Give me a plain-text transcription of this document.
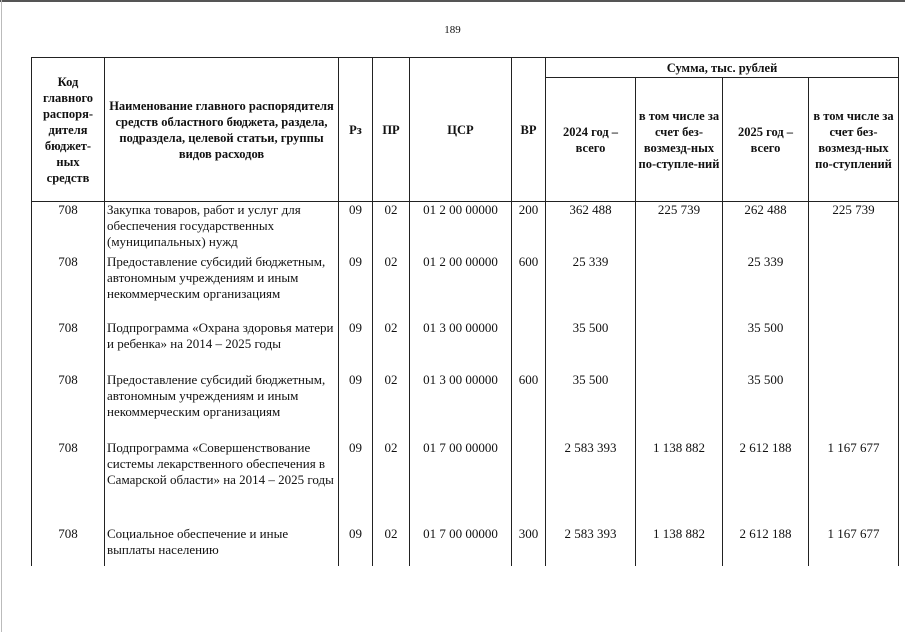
189
Код главного распоря-дителя бюджет-ных средств	Наименование главного распорядителя средств областного бюджета, раздела, подраздела, целевой статьи, группы видов расходов	Рз	ПР	ЦСР	ВР	Сумма, тыс. рублей			
						2024 год – всего	в том числе за счет без-возмезд-ных по-ступле-ний	2025 год – всего	в том числе за счет без-возмезд-ных по-ступлений
708	Закупка товаров, работ и услуг для обеспечения государственных (муниципальных) нужд	09	02	01 2 00 00000	200	362 488	225 739	262 488	225 739
708	Предоставление субсидий бюджетным, автономным учреждениям и иным некоммерческим организациям	09	02	01 2 00 00000	600	25 339		25 339	
708	Подпрограмма «Охрана здоровья матери и ребенка» на 2014 – 2025 годы	09	02	01 3 00 00000		35 500		35 500	
708	Предоставление субсидий бюджетным, автономным учреждениям и иным некоммерческим организациям	09	02	01 3 00 00000	600	35 500		35 500	
708	Подпрограмма «Совершенствование системы лекарственного обеспечения в Самарской области» на 2014 – 2025 годы	09	02	01 7 00 00000		2 583 393	1 138 882	2 612 188	1 167 677
708	Социальное обеспечение и иные выплаты населению	09	02	01 7 00 00000	300	2 583 393	1 138 882	2 612 188	1 167 677
